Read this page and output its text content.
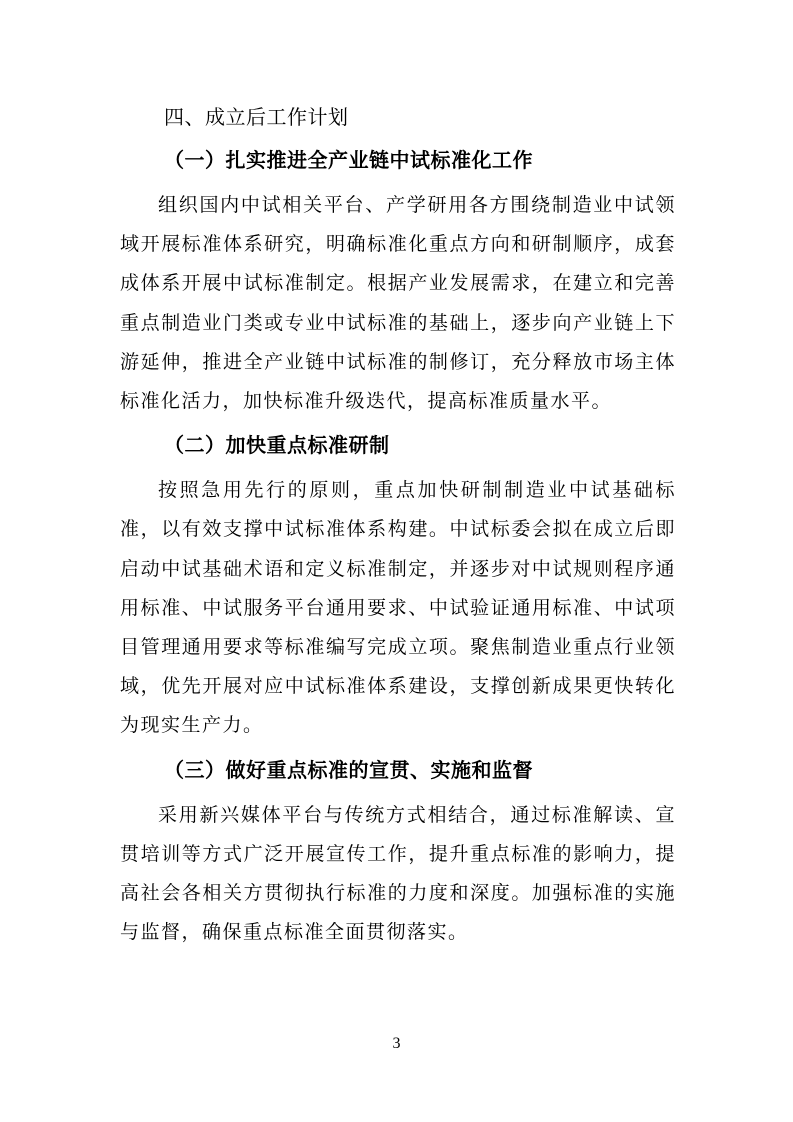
四、成立后工作计划
（一）扎实推进全产业链中试标准化工作

组织国内中试相关平台、产学研用各方围绕制造业中试领域开展标准体系研究，明确标准化重点方向和研制顺序，成套成体系开展中试标准制定。根据产业发展需求，在建立和完善重点制造业门类或专业中试标准的基础上，逐步向产业链上下游延伸，推进全产业链中试标准的制修订，充分释放市场主体标准化活力，加快标准升级迭代，提高标准质量水平。

（二）加快重点标准研制

按照急用先行的原则，重点加快研制制造业中试基础标准，以有效支撑中试标准体系构建。中试标委会拟在成立后即启动中试基础术语和定义标准制定，并逐步对中试规则程序通用标准、中试服务平台通用要求、中试验证通用标准、中试项目管理通用要求等标准编写完成立项。聚焦制造业重点行业领域，优先开展对应中试标准体系建设，支撑创新成果更快转化为现实生产力。

（三）做好重点标准的宣贯、实施和监督

采用新兴媒体平台与传统方式相结合，通过标准解读、宣贯培训等方式广泛开展宣传工作，提升重点标准的影响力，提高社会各相关方贯彻执行标准的力度和深度。加强标准的实施与监督，确保重点标准全面贯彻落实。

3
